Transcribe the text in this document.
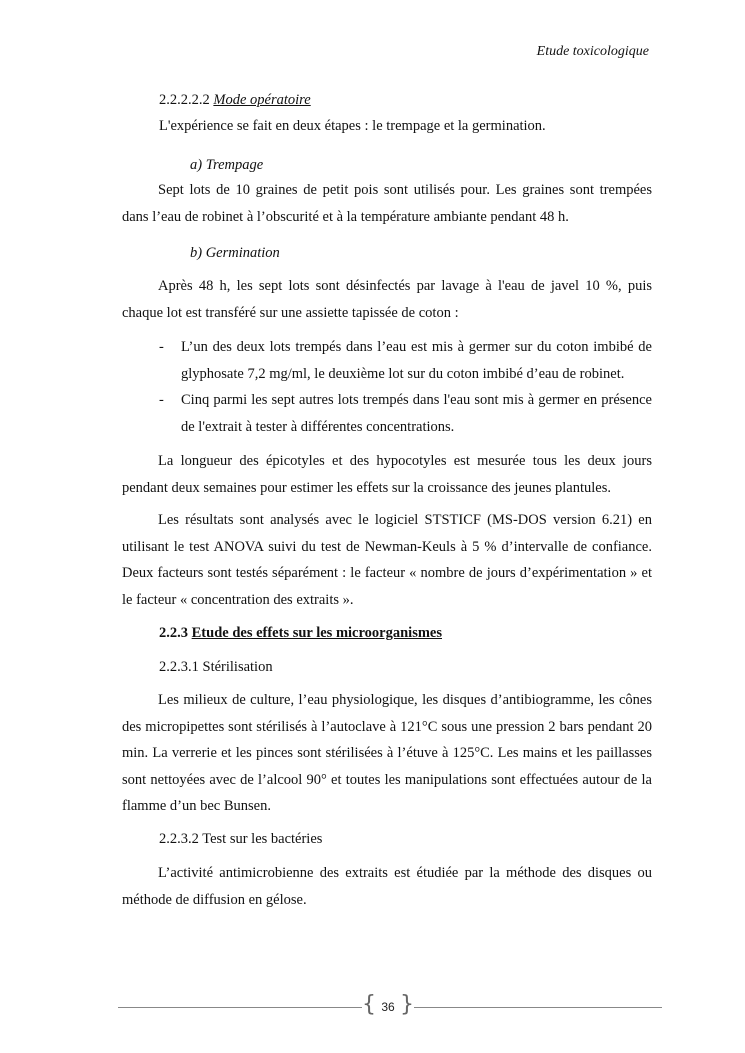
Etude toxicologique
2.2.2.2.2 Mode opératoire
L'expérience se fait en deux étapes : le trempage et la germination.
a) Trempage
Sept lots de 10 graines de petit pois sont utilisés pour. Les graines sont trempées dans l’eau de robinet à l’obscurité et à la température ambiante pendant 48 h.
b) Germination
Après 48 h, les sept lots sont désinfectés par lavage à l'eau de javel 10 %, puis chaque lot est transféré sur une assiette tapissée de coton :
- L’un des deux lots trempés dans l’eau est mis à germer sur du coton imbibé de glyphosate 7,2 mg/ml, le deuxième lot sur du coton imbibé d’eau de robinet.
- Cinq parmi les sept autres lots trempés dans l'eau sont mis à germer en présence de l'extrait à tester à différentes concentrations.
La longueur des épicotyles et des hypocotyles est mesurée tous les deux jours pendant deux semaines pour estimer les effets sur la croissance des jeunes plantules.
Les résultats sont analysés avec le logiciel STSTICF (MS-DOS version 6.21) en utilisant le test ANOVA suivi du test de Newman-Keuls à 5 % d’intervalle de confiance. Deux facteurs sont testés séparément : le facteur « nombre de jours d’expérimentation » et le facteur « concentration des extraits ».
2.2.3 Etude des effets sur les microorganismes
2.2.3.1 Stérilisation
Les milieux de culture, l’eau physiologique, les disques d’antibiogramme, les cônes des micropipettes sont stérilisés à l’autoclave à 121°C sous une pression 2 bars pendant 20 min. La verrerie et les pinces sont stérilisées à l’étuve à 125°C. Les mains et les paillasses sont nettoyées avec de l’alcool 90° et toutes les manipulations sont effectuées autour de la flamme d’un bec Bunsen.
2.2.3.2 Test sur les bactéries
L’activité antimicrobienne des extraits est étudiée par la méthode des disques ou méthode de diffusion en gélose.
{ 36 }
